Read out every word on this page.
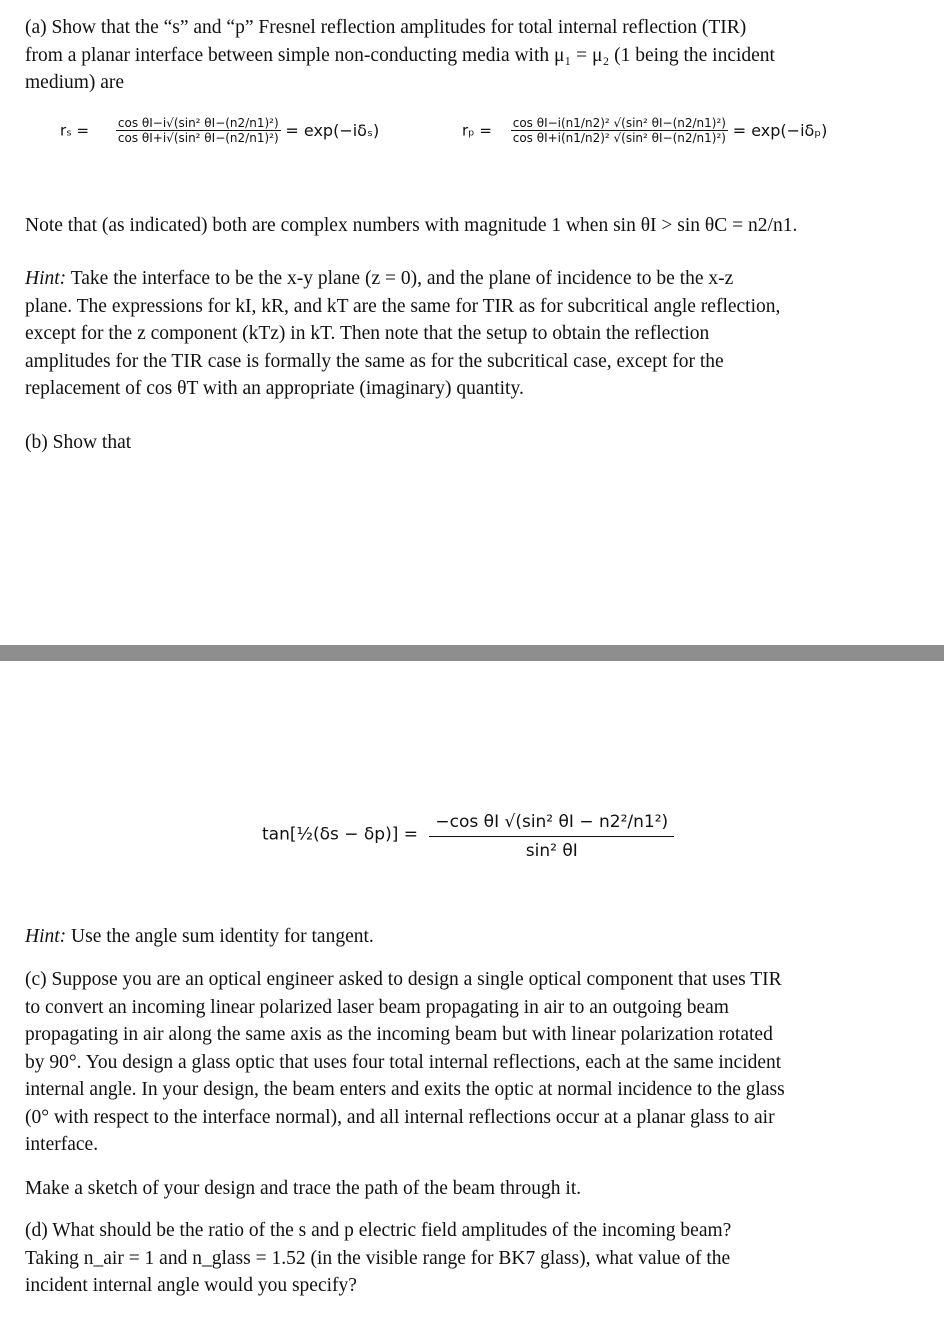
(a) Show that the “s” and “p” Fresnel reflection amplitudes for total internal reflection (TIR)
from a planar interface between simple non-conducting media with μ₁ = μ₂ (1 being the incident
medium) are

$r_s = \frac{\text{cos θI−i√(sin² θI−(n2/n1)²)}}{\text{cos θI+i√(sin² θI−(n2/n1)²)}} = \exp(-i\delta_s)$	$r_p = \frac{\text{cos θI−i(n1/n2)² √(sin² θI−(n2/n1)²)}}{\text{cos θI+i(n1/n2)² √(sin² θI−(n2/n1)²)}} = \exp(-i\delta_p)$

Note that (as indicated) both are complex numbers with magnitude 1 when sin θI > sin θC = n2/n1.

Hint: Take the interface to be the x-y plane (z = 0), and the plane of incidence to be the x-z
plane. The expressions for kI, kR, and kT are the same for TIR as for subcritical angle reflection,
except for the z component (kTz) in kT. Then note that the setup to obtain the reflection
amplitudes for the TIR case is formally the same as for the subcritical case, except for the
replacement of cos θT with an appropriate (imaginary) quantity.

(b) Show that

tan[½(δs − $\delta p)] = \frac{\text{−cos θI √(sin² θI − n2²/n1²)}}{\text{sin² θI}}$

Hint: Use the angle sum identity for tangent.

(c) Suppose you are an optical engineer asked to design a single optical component that uses TIR
to convert an incoming linear polarized laser beam propagating in air to an outgoing beam
propagating in air along the same axis as the incoming beam but with linear polarization rotated
by 90°. You design a glass optic that uses four total internal reflections, each at the same incident
internal angle. In your design, the beam enters and exits the optic at normal incidence to the glass
(0° with respect to the interface normal), and all internal reflections occur at a planar glass to air
interface.

Make a sketch of your design and trace the path of the beam through it.

(d) What should be the ratio of the s and p electric field amplitudes of the incoming beam?
Taking n_air = 1 and n_glass = 1.52 (in the visible range for BK7 glass), what value of the
incident internal angle would you specify?
